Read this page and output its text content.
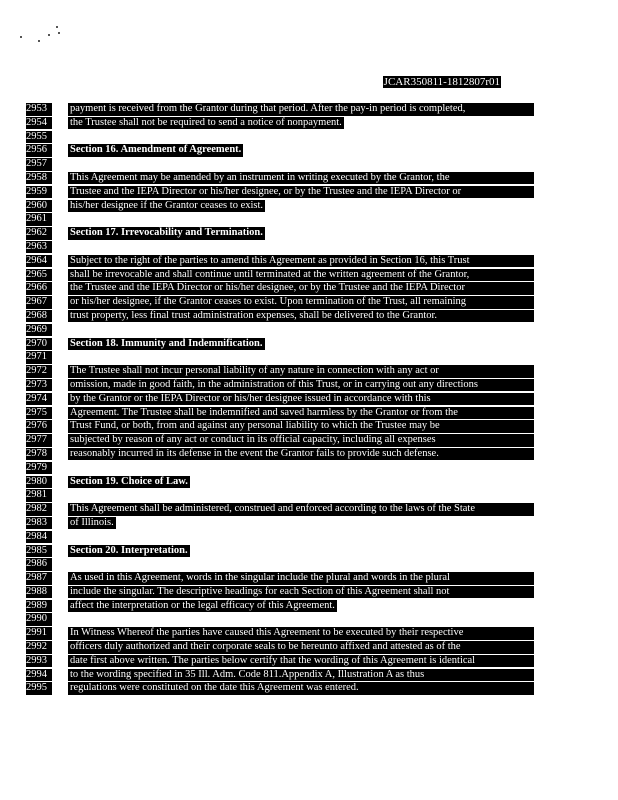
JCAR350811-1812807r01
2953	payment is received from the Grantor during that period. After the pay-in period is completed,
2954	the Trustee shall not be required to send a notice of nonpayment.
2955
2956	Section 16. Amendment of Agreement.
2957
2958	This Agreement may be amended by an instrument in writing executed by the Grantor, the
2959	Trustee and the IEPA Director or his/her designee, or by the Trustee and the IEPA Director or
2960	his/her designee if the Grantor ceases to exist.
2961
2962	Section 17. Irrevocability and Termination.
2963
2964	Subject to the right of the parties to amend this Agreement as provided in Section 16, this Trust
2965	shall be irrevocable and shall continue until terminated at the written agreement of the Grantor,
2966	the Trustee and the IEPA Director or his/her designee, or by the Trustee and the IEPA Director
2967	or his/her designee, if the Grantor ceases to exist. Upon termination of the Trust, all remaining
2968	trust property, less final trust administration expenses, shall be delivered to the Grantor.
2969
2970	Section 18. Immunity and Indemnification.
2971
2972	The Trustee shall not incur personal liability of any nature in connection with any act or
2973	omission, made in good faith, in the administration of this Trust, or in carrying out any directions
2974	by the Grantor or the IEPA Director or his/her designee issued in accordance with this
2975	Agreement. The Trustee shall be indemnified and saved harmless by the Grantor or from the
2976	Trust Fund, or both, from and against any personal liability to which the Trustee may be
2977	subjected by reason of any act or conduct in its official capacity, including all expenses
2978	reasonably incurred in its defense in the event the Grantor fails to provide such defense.
2979
2980	Section 19. Choice of Law.
2981
2982	This Agreement shall be administered, construed and enforced according to the laws of the State
2983	of Illinois.
2984
2985	Section 20. Interpretation.
2986
2987	As used in this Agreement, words in the singular include the plural and words in the plural
2988	include the singular. The descriptive headings for each Section of this Agreement shall not
2989	affect the interpretation or the legal efficacy of this Agreement.
2990
2991	In Witness Whereof the parties have caused this Agreement to be executed by their respective
2992	officers duly authorized and their corporate seals to be hereunto affixed and attested as of the
2993	date first above written. The parties below certify that the wording of this Agreement is identical
2994	to the wording specified in 35 Ill. Adm. Code 811.Appendix A, Illustration A as thus
2995	regulations were constituted on the date this Agreement was entered.
